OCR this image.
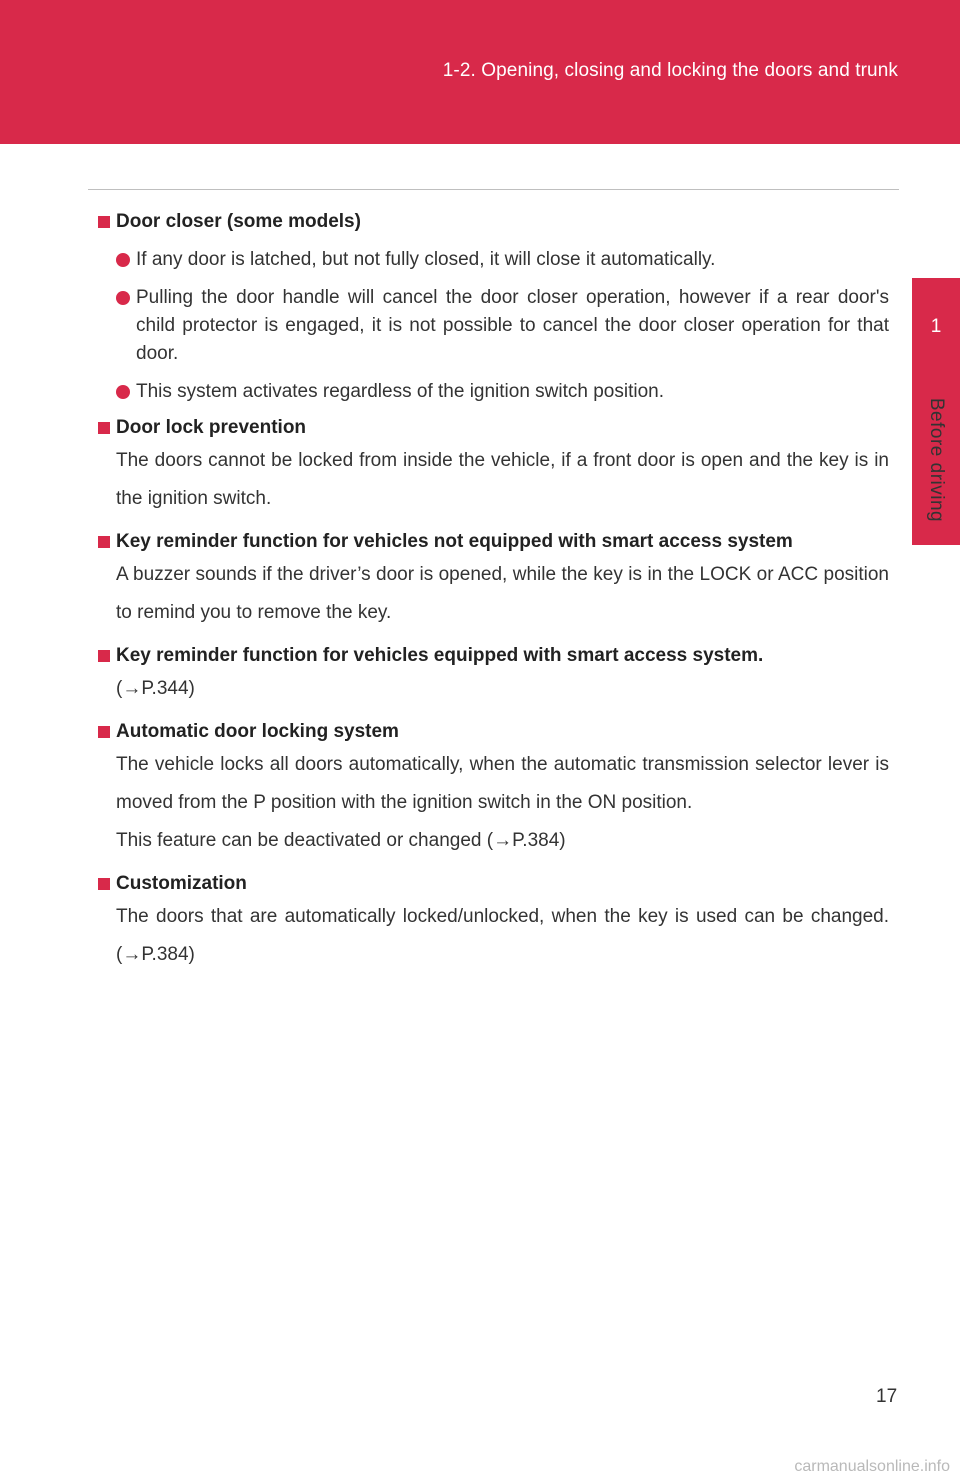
1-2. Opening, closing and locking the doors and trunk
1
Before driving
Door closer (some models)
If any door is latched, but not fully closed, it will close it automatically.
Pulling the door handle will cancel the door closer operation, however if a rear door's child protector is engaged, it is not possible to cancel the door closer operation for that door.
This system activates regardless of the ignition switch position.
Door lock prevention
The doors cannot be locked from inside the vehicle, if a front door is open and the key is in the ignition switch.
Key reminder function for vehicles not equipped with smart access system
A buzzer sounds if the driver’s door is opened, while the key is in the LOCK or ACC position to remind you to remove the key.
Key reminder function for vehicles equipped with smart access system.
(→P.344)
Automatic door locking system
The vehicle locks all doors automatically, when the automatic transmission selector lever is moved from the P position with the ignition switch in the ON position.
This feature can be deactivated or changed (→P.384)
Customization
The doors that are automatically locked/unlocked, when the key is used can be changed. (→P.384)
17
carmanualsonline.info
